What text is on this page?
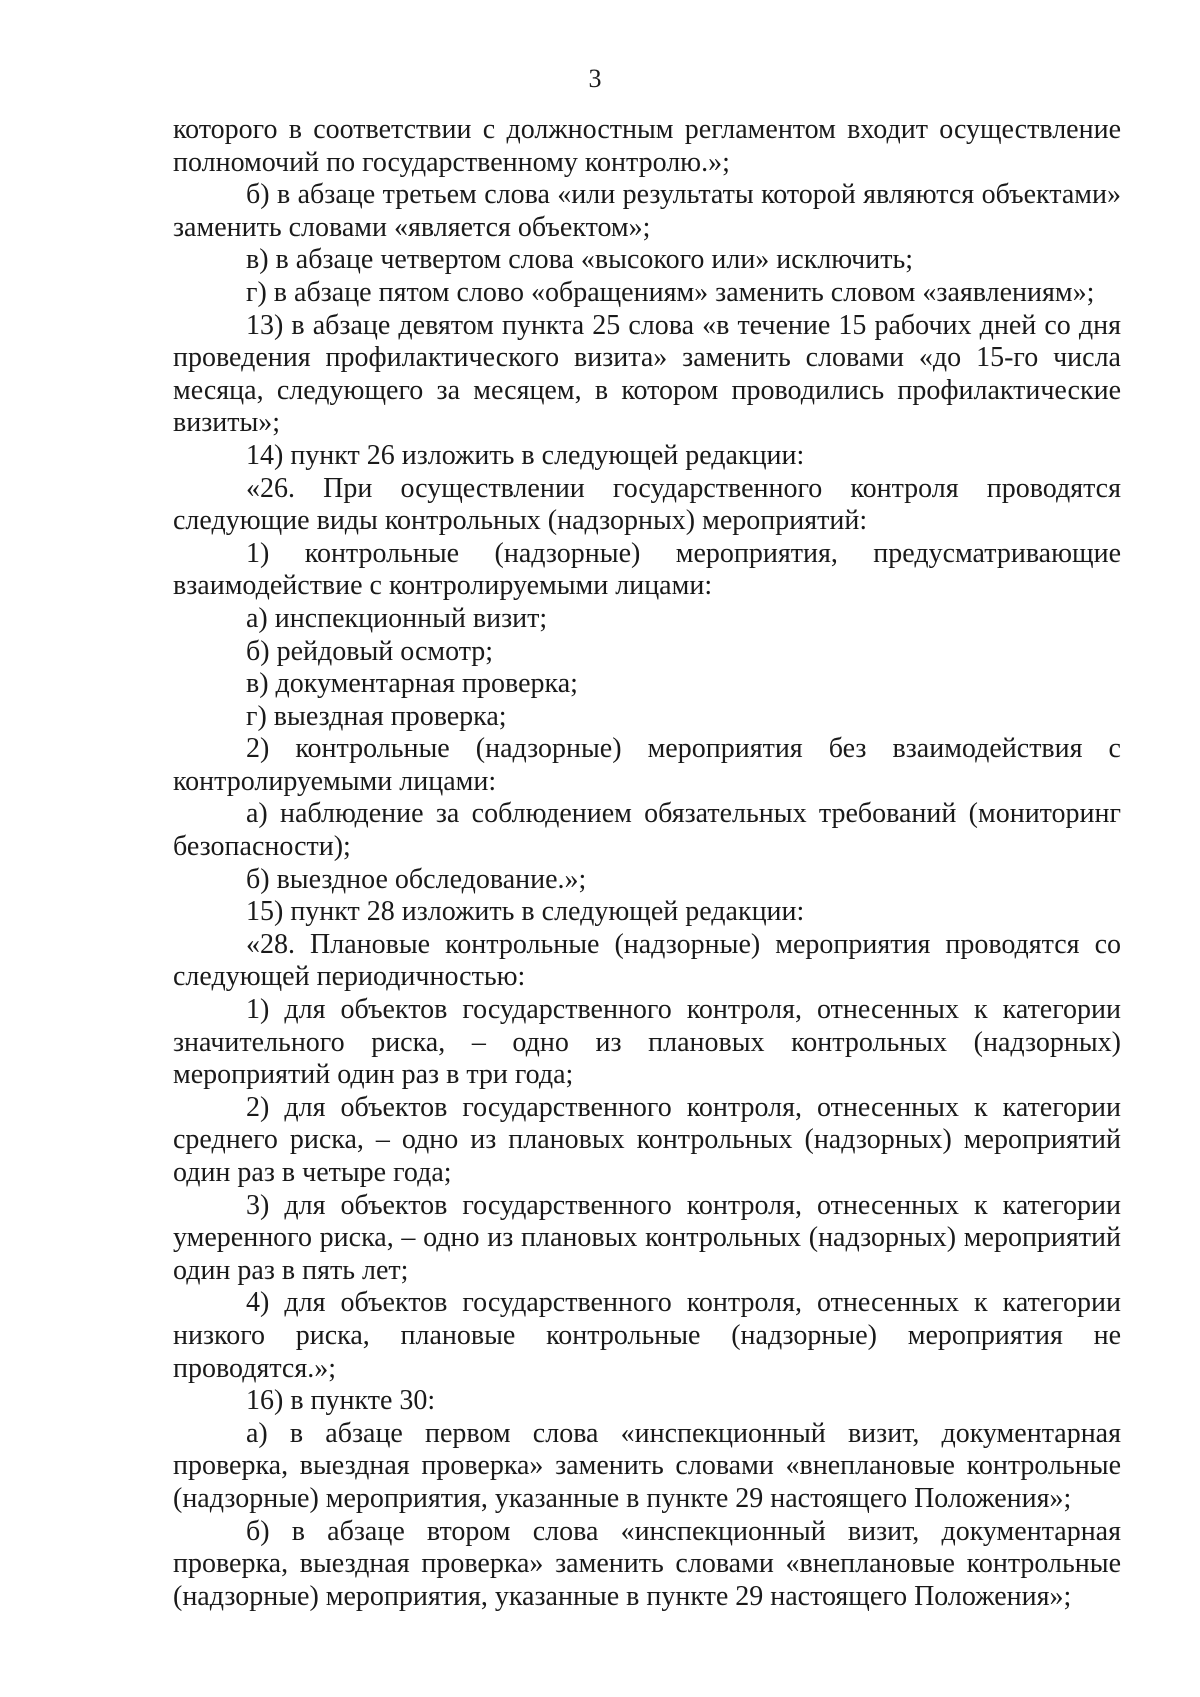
3

которого в соответствии с должностным регламентом входит осуществление полномочий по государственному контролю.»;

б) в абзаце третьем слова «или результаты которой являются объектами» заменить словами «является объектом»;

в) в абзаце четвертом слова «высокого или» исключить;

г) в абзаце пятом слово «обращениям» заменить словом «заявлениям»;

13) в абзаце девятом пункта 25 слова «в течение 15 рабочих дней со дня проведения профилактического визита» заменить словами «до 15-го числа месяца, следующего за месяцем, в котором проводились профилактические визиты»;

14) пункт 26 изложить в следующей редакции:

«26. При осуществлении государственного контроля проводятся следующие виды контрольных (надзорных) мероприятий:

1) контрольные (надзорные) мероприятия, предусматривающие взаимодействие с контролируемыми лицами:

а) инспекционный визит;

б) рейдовый осмотр;

в) документарная проверка;

г) выездная проверка;

2) контрольные (надзорные) мероприятия без взаимодействия с контролируемыми лицами:

а) наблюдение за соблюдением обязательных требований (мониторинг безопасности);

б) выездное обследование.»;

15) пункт 28 изложить в следующей редакции:

«28. Плановые контрольные (надзорные) мероприятия проводятся со следующей периодичностью:

1) для объектов государственного контроля, отнесенных к категории значительного риска, – одно из плановых контрольных (надзорных) мероприятий один раз в три года;

2) для объектов государственного контроля, отнесенных к категории среднего риска, – одно из плановых контрольных (надзорных) мероприятий один раз в четыре года;

3) для объектов государственного контроля, отнесенных к категории умеренного риска, – одно из плановых контрольных (надзорных) мероприятий один раз в пять лет;

4) для объектов государственного контроля, отнесенных к категории низкого риска, плановые контрольные (надзорные) мероприятия не проводятся.»;

16) в пункте 30:

а) в абзаце первом слова «инспекционный визит, документарная проверка, выездная проверка» заменить словами «внеплановые контрольные (надзорные) мероприятия, указанные в пункте 29 настоящего Положения»;

б) в абзаце втором слова «инспекционный визит, документарная проверка, выездная проверка» заменить словами «внеплановые контрольные (надзорные) мероприятия, указанные в пункте 29 настоящего Положения»;
